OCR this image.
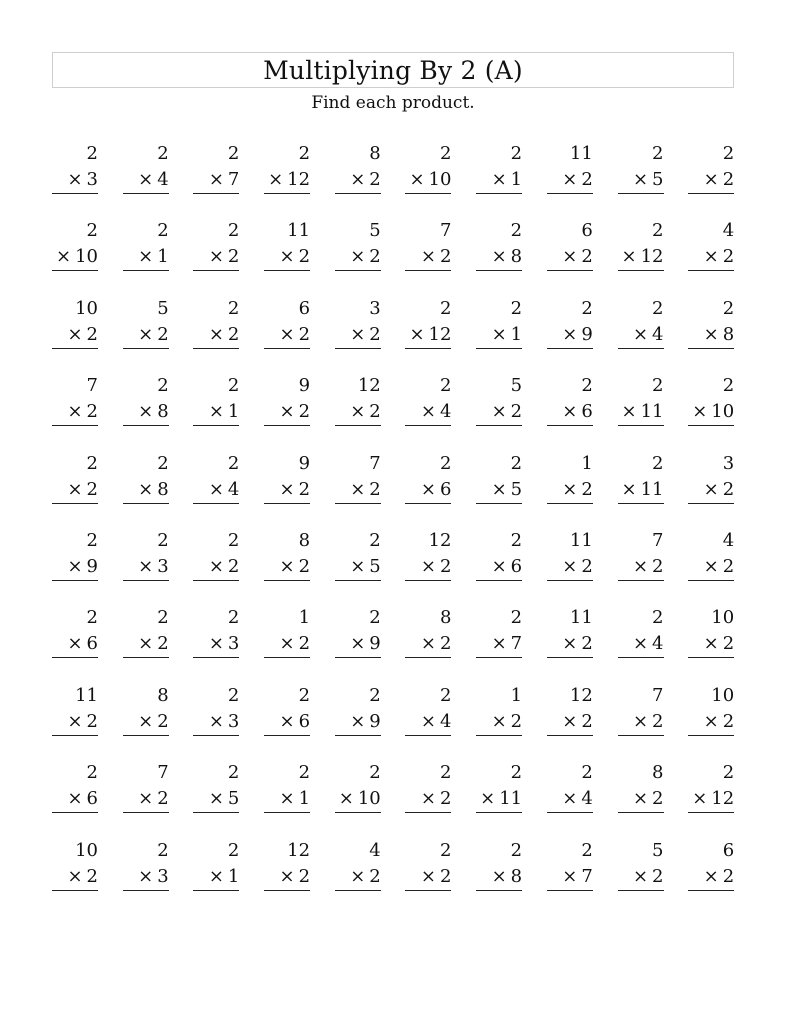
Multiplying By 2 (A)
Find each product.
2
× 3
2
× 4
2
× 7
2
× 12
8
× 2
2
× 10
2
× 1
11
× 2
2
× 5
2
× 2
2
× 10
2
× 1
2
× 2
11
× 2
5
× 2
7
× 2
2
× 8
6
× 2
2
× 12
4
× 2
10
× 2
5
× 2
2
× 2
6
× 2
3
× 2
2
× 12
2
× 1
2
× 9
2
× 4
2
× 8
7
× 2
2
× 8
2
× 1
9
× 2
12
× 2
2
× 4
5
× 2
2
× 6
2
× 11
2
× 10
2
× 2
2
× 8
2
× 4
9
× 2
7
× 2
2
× 6
2
× 5
1
× 2
2
× 11
3
× 2
2
× 9
2
× 3
2
× 2
8
× 2
2
× 5
12
× 2
2
× 6
11
× 2
7
× 2
4
× 2
2
× 6
2
× 2
2
× 3
1
× 2
2
× 9
8
× 2
2
× 7
11
× 2
2
× 4
10
× 2
11
× 2
8
× 2
2
× 3
2
× 6
2
× 9
2
× 4
1
× 2
12
× 2
7
× 2
10
× 2
2
× 6
7
× 2
2
× 5
2
× 1
2
× 10
2
× 2
2
× 11
2
× 4
8
× 2
2
× 12
10
× 2
2
× 3
2
× 1
12
× 2
4
× 2
2
× 2
2
× 8
2
× 7
5
× 2
6
× 2
